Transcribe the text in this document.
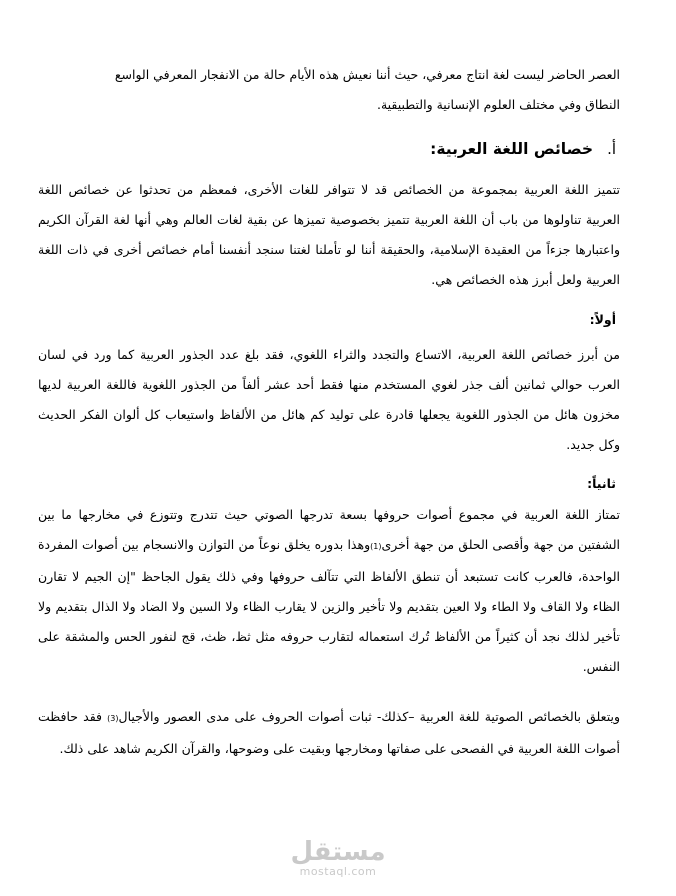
العصر الحاضر ليست لغة انتاج معرفي، حيث أننا نعيش هذه الأيام حالة من الانفجار المعرفي الواسع
النطاق وفي مختلف العلوم الإنسانية والتطبيقية.

أ.
خصائص اللغة العربية:

تتميز اللغة العربية بمجموعة من الخصائص قد لا تتوافر للغات الأخرى، فمعظم من تحدثوا عن خصائص اللغة العربية تناولوها من باب أن اللغة العربية تتميز بخصوصية تميزها عن بقية لغات العالم وهي أنها لغة القرآن الكريم واعتبارها جزءاً من العقيدة الإسلامية، والحقيقة أننا لو تأملنا لغتنا سنجد أنفسنا أمام خصائص أخرى في ذات اللغة العربية ولعل أبرز هذه الخصائص هي.

أولاً:

من أبرز خصائص اللغة العربية، الاتساع والتجدد والثراء اللغوي، فقد بلغ عدد الجذور العربية كما ورد في لسان العرب حوالي ثمانين ألف جذر لغوي المستخدم منها فقط أحد عشر ألفاً من الجذور اللغوية فاللغة العربية لديها مخزون هائل من الجذور اللغوية يجعلها قادرة على توليد كم هائل من الألفاظ واستيعاب كل ألوان الفكر الحديث وكل جديد.

ثانياً:

تمتاز اللغة العربية في مجموع أصوات حروفها بسعة تدرجها الصوتي حيث تتدرج وتتوزع في مخارجها ما بين الشفتين من جهة وأقصى الحلق من جهة أخرى(1)وهذا بدوره يخلق نوعاً من التوازن والانسجام بين أصوات المفردة الواحدة، فالعرب كانت تستبعد أن تنطق الألفاظ التي تتآلف حروفها وفي ذلك يقول الجاحظ "إن الجيم لا تقارن الظاء ولا القاف ولا الطاء ولا العين بتقديم ولا تأخير والزين لا يقارب الظاء ولا السين ولا الضاد ولا الذال بتقديم ولا تأخير لذلك نجد أن كثيراً من الألفاظ تُرك استعماله لتقارب حروفه مثل ثظ، ظث، قج لنفور الحس والمشقة على النفس.

ويتعلق بالخصائص الصوتية للغة العربية –كذلك- ثبات أصوات الحروف على مدى العصور والأجيال(3) فقد حافظت أصوات اللغة العربية في الفصحى على صفاتها ومخارجها وبقيت على وضوحها، والقرآن الكريم شاهد على ذلك.

مستقل
mostaql.com
